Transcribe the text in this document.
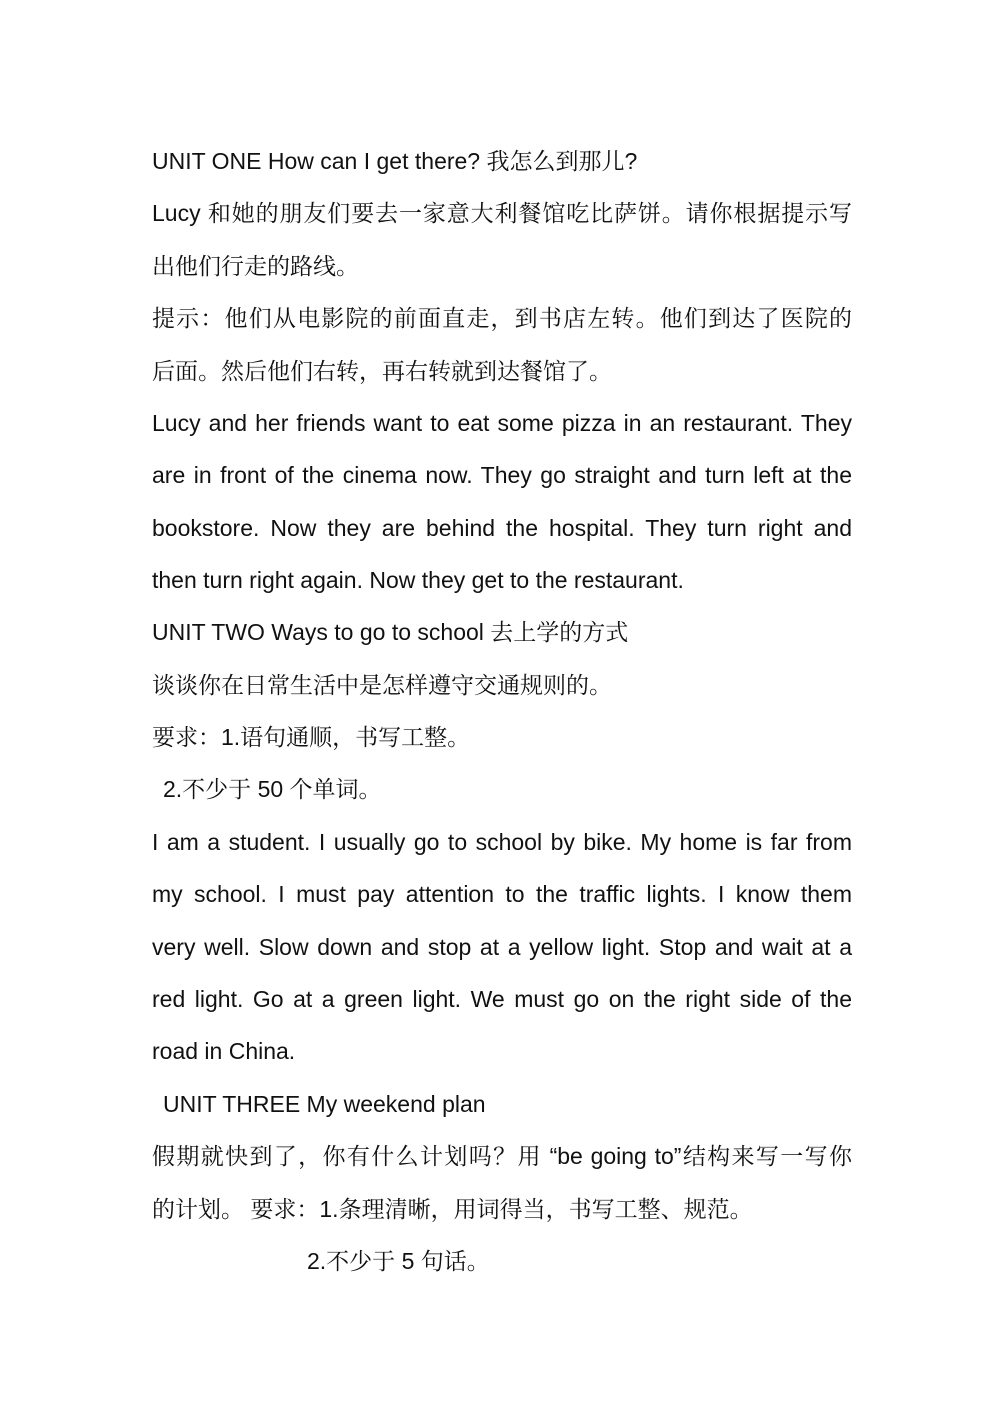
UNIT ONE How can I get there? 我怎么到那儿?
Lucy 和她的朋友们要去一家意大利餐馆吃比萨饼。请你根据提示写
出他们行走的路线。
提示：他们从电影院的前面直走，到书店左转。他们到达了医院的
后面。然后他们右转，再右转就到达餐馆了。
Lucy and her friends want to eat some pizza in an restaurant. They
are in front of the cinema now. They go straight and turn left at the
bookstore. Now they are behind the hospital. They turn right and
then turn right again. Now they get to the restaurant.
UNIT TWO Ways to go to school 去上学的方式
谈谈你在日常生活中是怎样遵守交通规则的。
要求：1.语句通顺，书写工整。
2.不少于 50 个单词。
I am a student. I usually go to school by bike. My home is far from
my school. I must pay attention to the traffic lights. I know them
very well. Slow down and stop at a yellow light. Stop and wait at a
red light. Go at a green light. We must go on the right side of the
road in China.
UNIT THREE My weekend plan
假期就快到了，你有什么计划吗？用 “be going to”结构来写一写你
的计划。 要求：1.条理清晰，用词得当，书写工整、规范。
2.不少于 5 句话。
